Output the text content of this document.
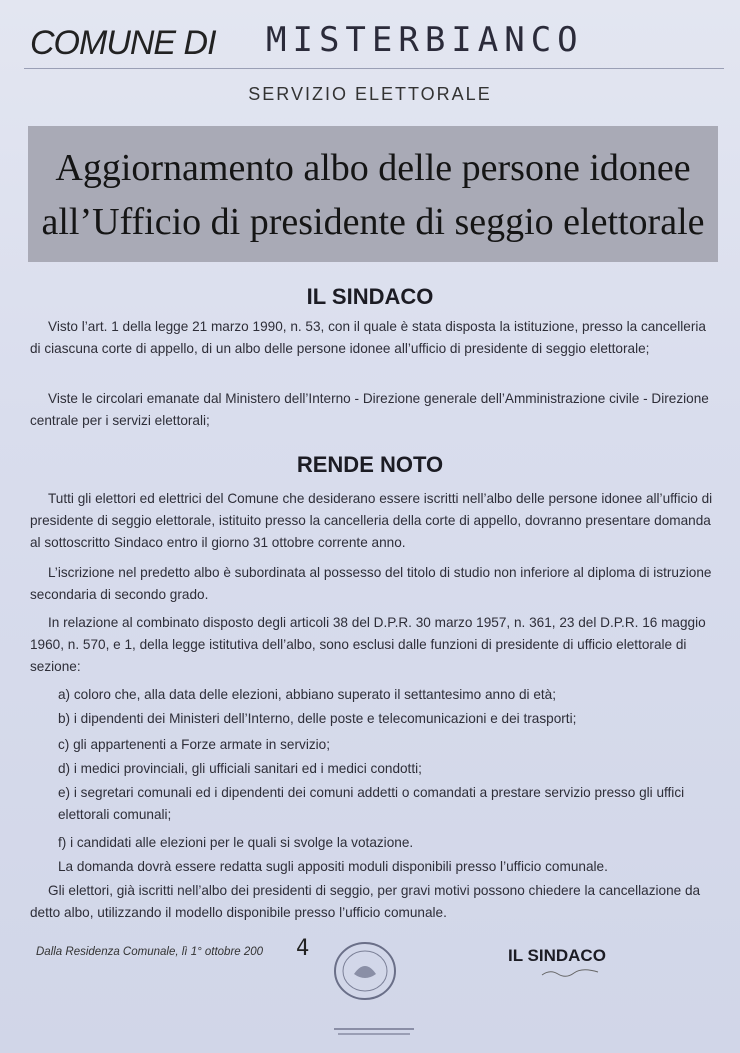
COMUNE DI MISTERBIANCO
SERVIZIO ELETTORALE
Aggiornamento albo delle persone idonee
all’Ufficio di presidente di seggio elettorale
IL SINDACO
Visto l’art. 1 della legge 21 marzo 1990, n. 53, con il quale è stata disposta la istituzione, presso la cancelleria di ciascuna corte di appello, di un albo delle persone idonee all’ufficio di presidente di seggio elettorale;
Viste le circolari emanate dal Ministero dell’Interno - Direzione generale dell’Amministrazione civile - Direzione centrale per i servizi elettorali;
RENDE NOTO
Tutti gli elettori ed elettrici del Comune che desiderano essere iscritti nell’albo delle persone idonee all’ufficio di presidente di seggio elettorale, istituito presso la cancelleria della corte di appello, dovranno presentare domanda al sottoscritto Sindaco entro il giorno 31 ottobre corrente anno.
L’iscrizione nel predetto albo è subordinata al possesso del titolo di studio non inferiore al diploma di istruzione secondaria di secondo grado.
In relazione al combinato disposto degli articoli 38 del D.P.R. 30 marzo 1957, n. 361, 23 del D.P.R. 16 maggio 1960, n. 570, e 1, della legge istitutiva dell’albo, sono esclusi dalle funzioni di presidente di ufficio elettorale di sezione:
a) coloro che, alla data delle elezioni, abbiano superato il settantesimo anno di età;
b) i dipendenti dei Ministeri dell’Interno, delle poste e telecomunicazioni e dei trasporti;
c) gli appartenenti a Forze armate in servizio;
d) i medici provinciali, gli ufficiali sanitari ed i medici condotti;
e) i segretari comunali ed i dipendenti dei comuni addetti o comandati a prestare servizio presso gli uffici elettorali comunali;
f) i candidati alle elezioni per le quali si svolge la votazione.
La domanda dovrà essere redatta sugli appositi moduli disponibili presso l’ufficio comunale.
Gli elettori, già iscritti nell’albo dei presidenti di seggio, per gravi motivi possono chiedere la cancellazione da detto albo, utilizzando il modello disponibile presso l’ufficio comunale.
Dalla Residenza Comunale, lì 1° ottobre 200 4	IL SINDACO
